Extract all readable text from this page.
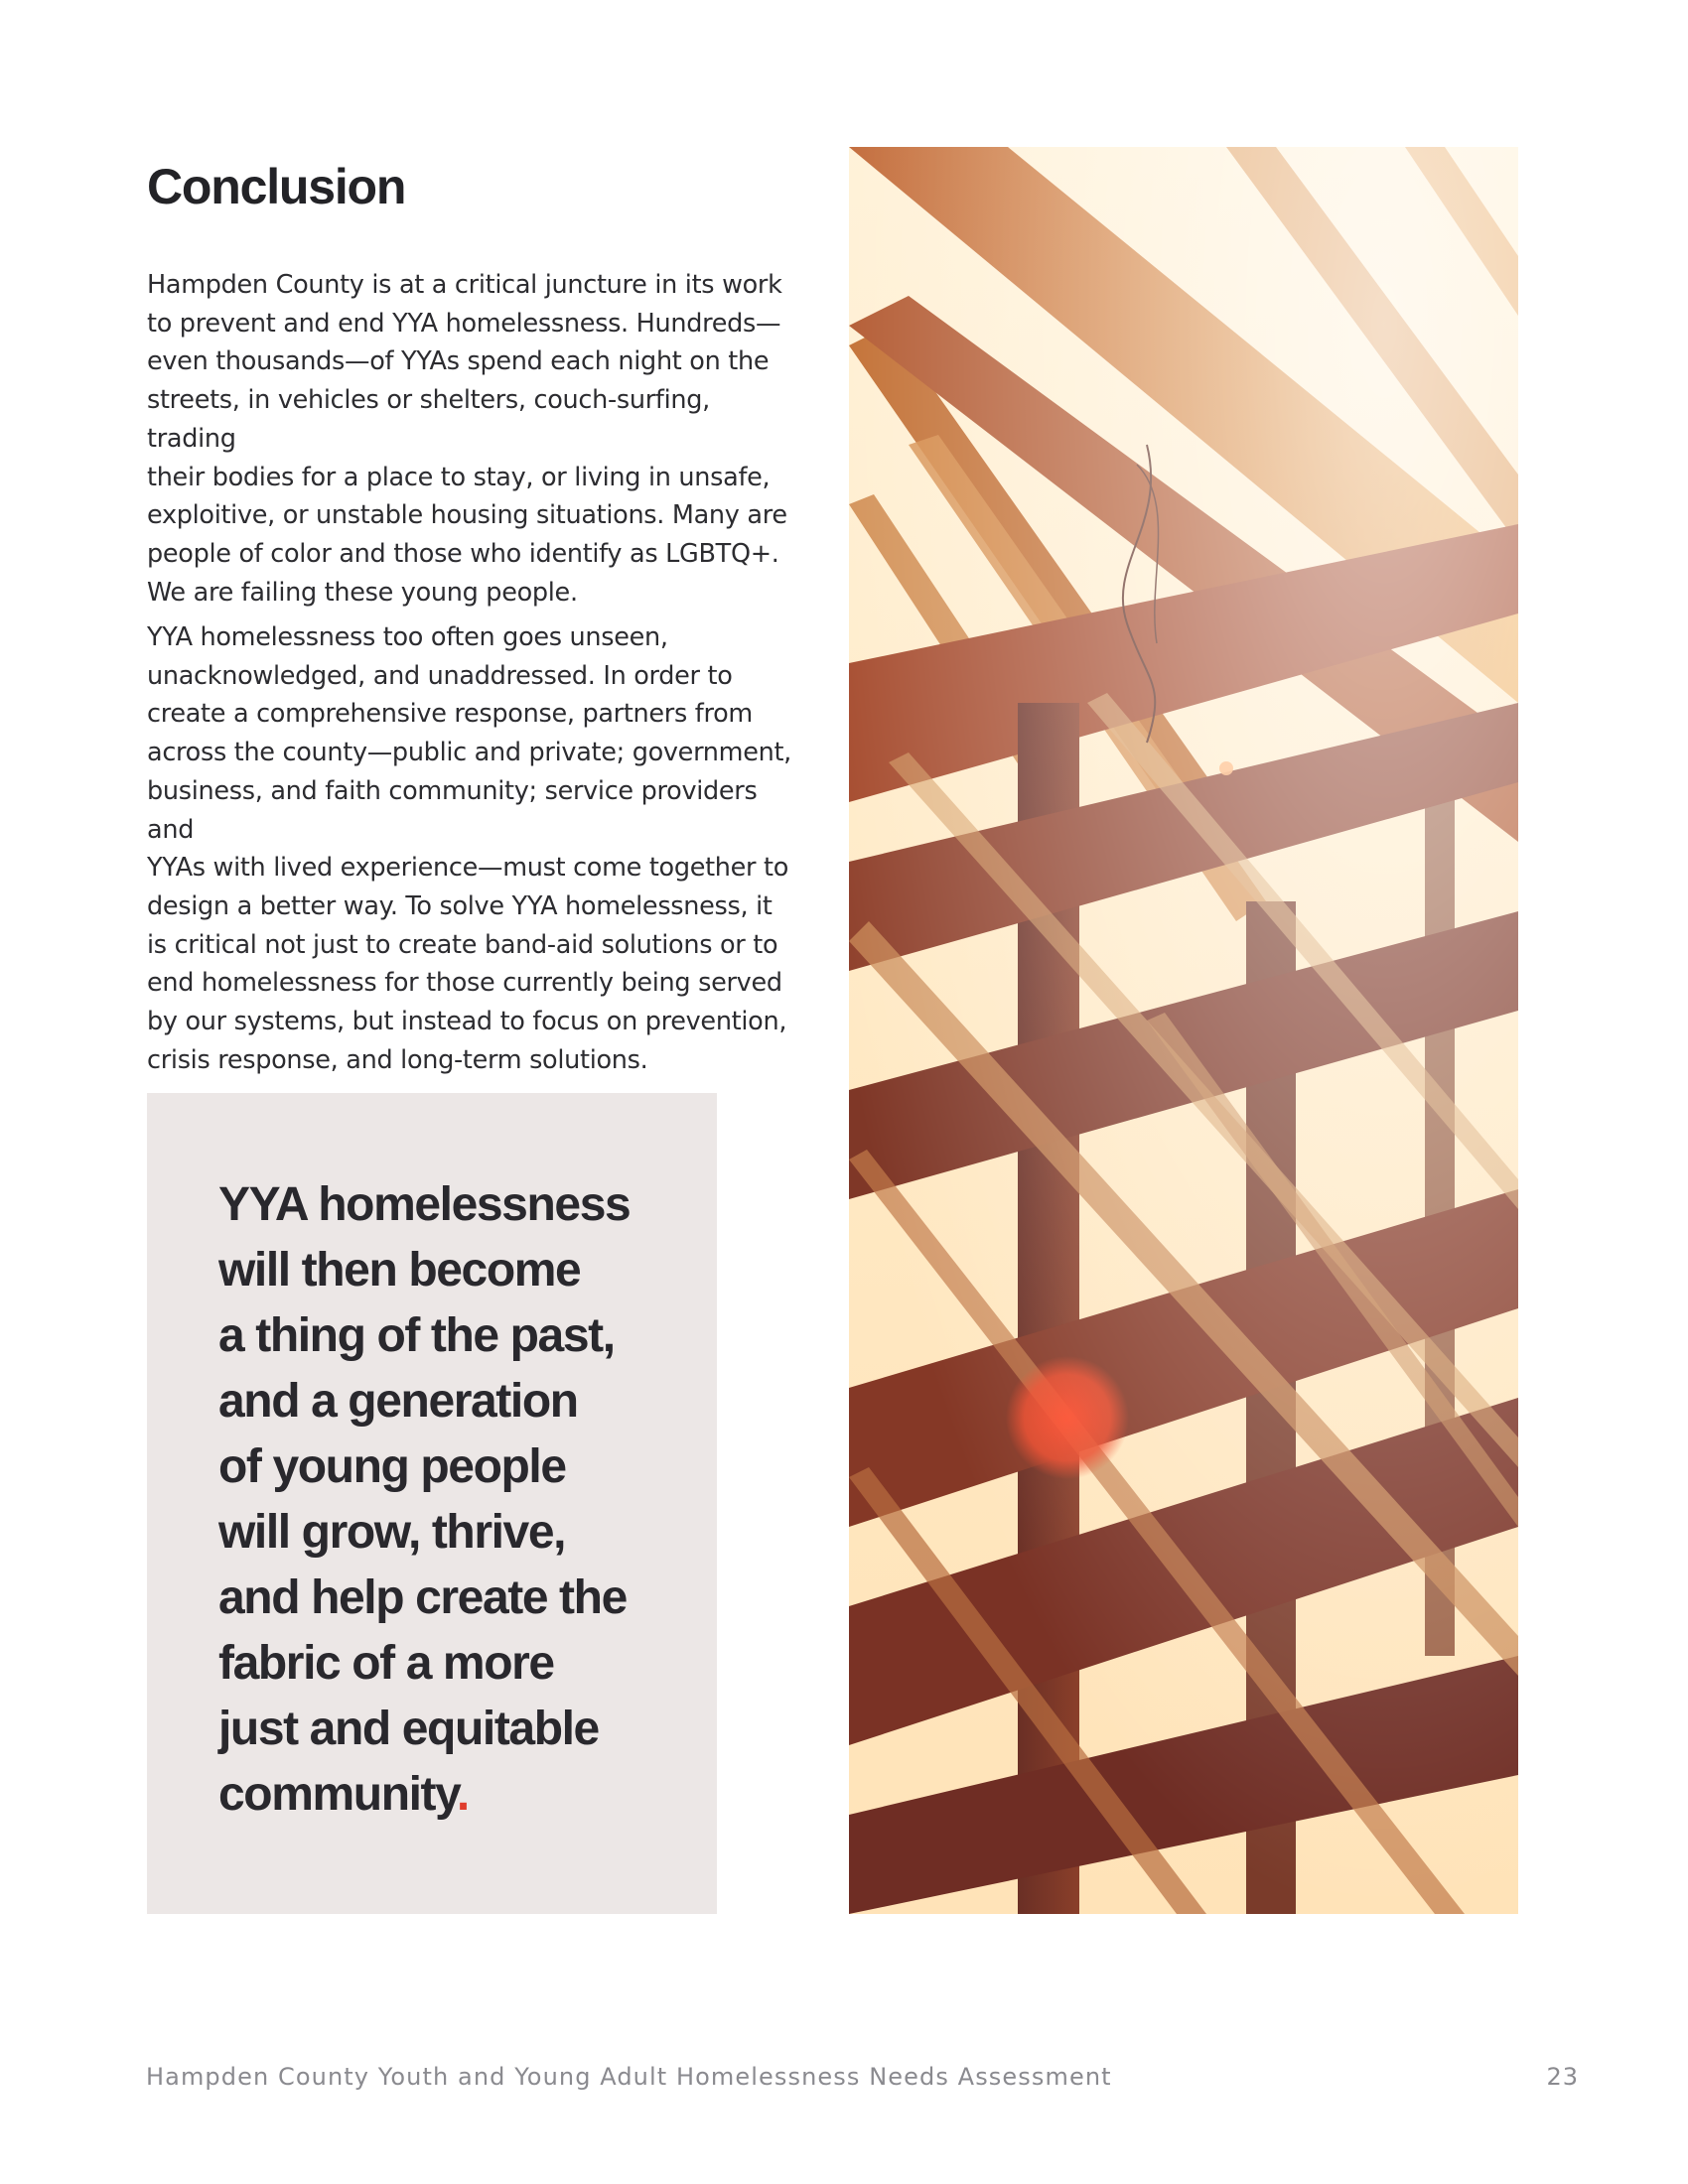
Conclusion

Hampden County is at a critical juncture in its work
to prevent and end YYA homelessness. Hundreds—
even thousands—of YYAs spend each night on the
streets, in vehicles or shelters, couch-surfing, trading
their bodies for a place to stay, or living in unsafe,
exploitive, or unstable housing situations. Many are
people of color and those who identify as LGBTQ+.
We are failing these young people.

YYA homelessness too often goes unseen,
unacknowledged, and unaddressed. In order to
create a comprehensive response, partners from
across the county—public and private; government,
business, and faith community; service providers and
YYAs with lived experience—must come together to
design a better way. To solve YYA homelessness, it
is critical not just to create band-aid solutions or to
end homelessness for those currently being served
by our systems, but instead to focus on prevention,
crisis response, and long-term solutions.

YYA homelessness
will then become
a thing of the past,
and a generation
of young people
will grow, thrive,
and help create the
fabric of a more
just and equitable
community.

Hampden County Youth and Young Adult Homelessness Needs Assessment	23
